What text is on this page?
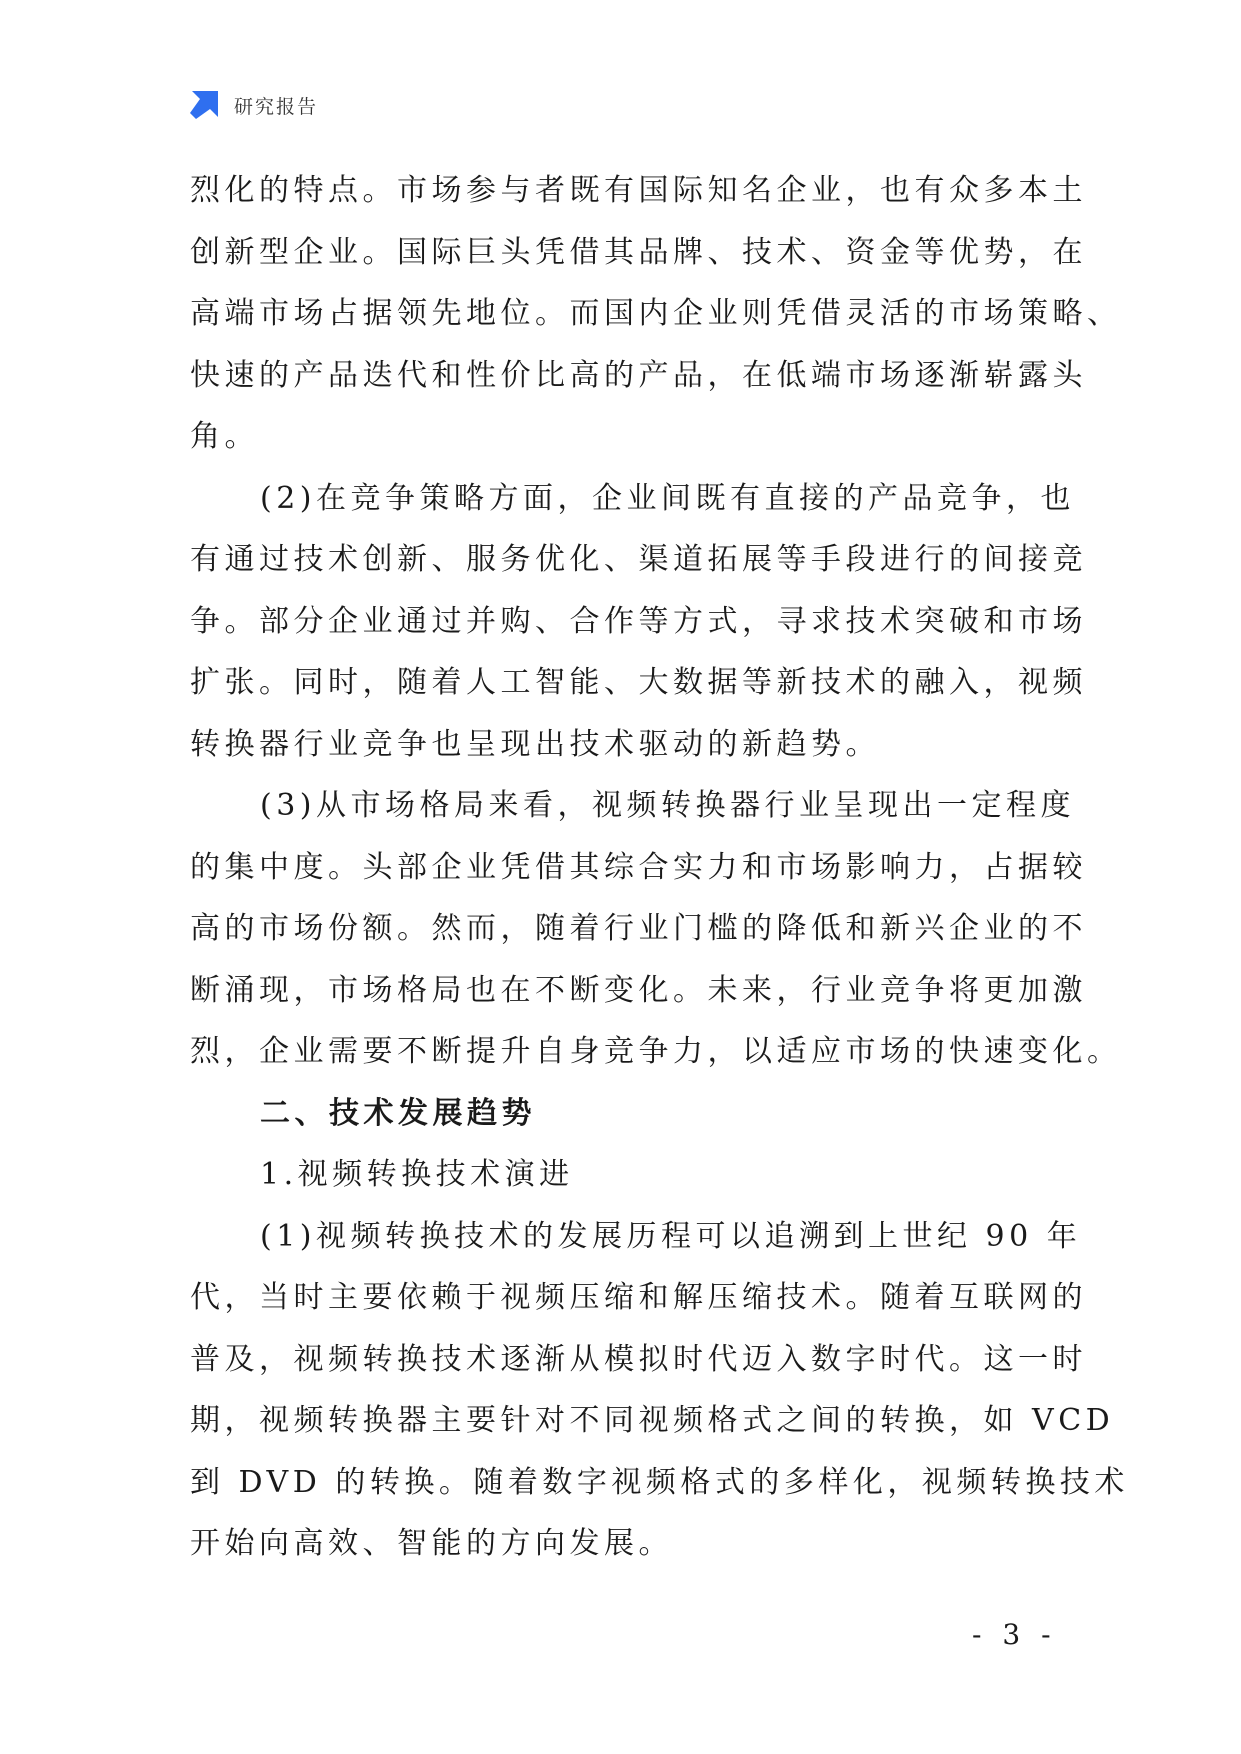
研究报告
烈化的特点。市场参与者既有国际知名企业，也有众多本土
创新型企业。国际巨头凭借其品牌、技术、资金等优势，在
高端市场占据领先地位。而国内企业则凭借灵活的市场策略、
快速的产品迭代和性价比高的产品，在低端市场逐渐崭露头
角。
(2)在竞争策略方面，企业间既有直接的产品竞争，也
有通过技术创新、服务优化、渠道拓展等手段进行的间接竞
争。部分企业通过并购、合作等方式，寻求技术突破和市场
扩张。同时，随着人工智能、大数据等新技术的融入，视频
转换器行业竞争也呈现出技术驱动的新趋势。
(3)从市场格局来看，视频转换器行业呈现出一定程度
的集中度。头部企业凭借其综合实力和市场影响力，占据较
高的市场份额。然而，随着行业门槛的降低和新兴企业的不
断涌现，市场格局也在不断变化。未来，行业竞争将更加激
烈，企业需要不断提升自身竞争力，以适应市场的快速变化。
二、技术发展趋势
1.视频转换技术演进
(1)视频转换技术的发展历程可以追溯到上世纪 90 年
代，当时主要依赖于视频压缩和解压缩技术。随着互联网的
普及，视频转换技术逐渐从模拟时代迈入数字时代。这一时
期，视频转换器主要针对不同视频格式之间的转换，如 VCD
到 DVD 的转换。随着数字视频格式的多样化，视频转换技术
开始向高效、智能的方向发展。
- 3 -
